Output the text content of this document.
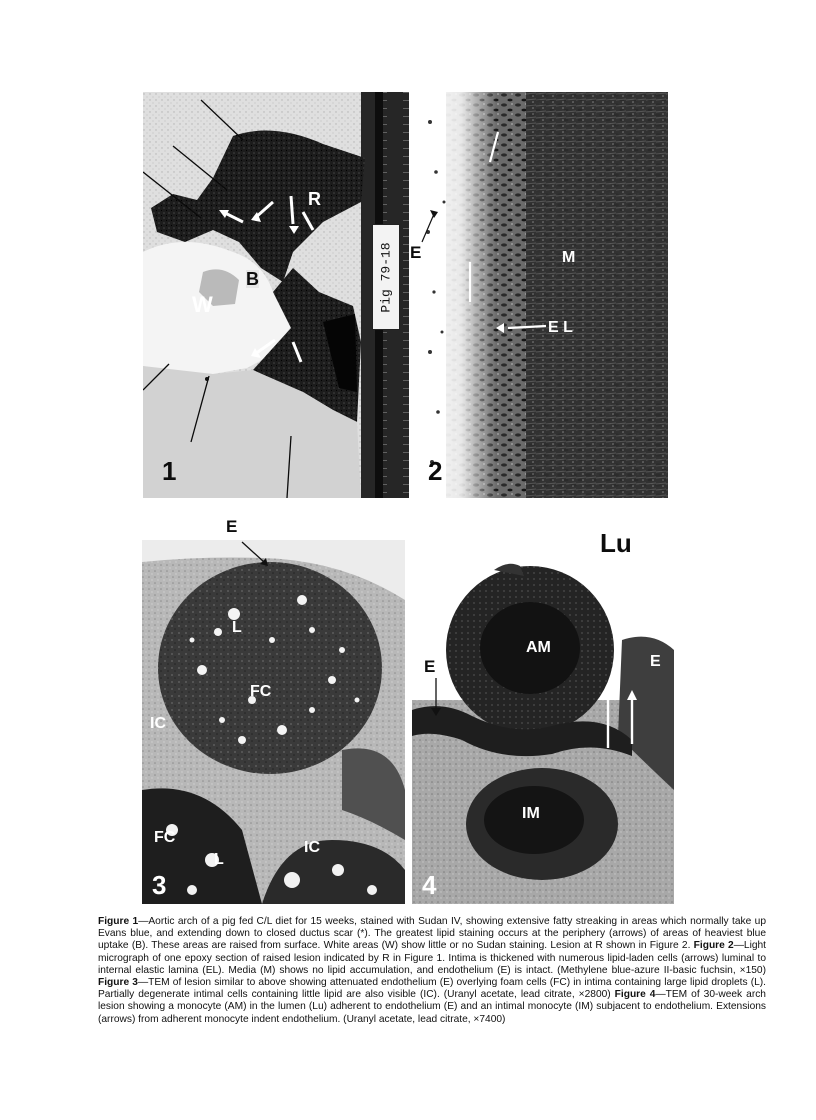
Pig 79-18
1
W
B
R
2
E	M
E L
E
L
FC
IC
IC
FC
L
3
Lu
AM
E	E
IM
4

Figure 1—Aortic arch of a pig fed C/L diet for 15 weeks, stained with Sudan IV, showing extensive fatty streaking in areas which normally take up Evans blue, and extending down to closed ductus scar (*). The greatest lipid staining occurs at the periphery (arrows) of areas of heaviest blue uptake (B). These areas are raised from surface. White areas (W) show little or no Sudan staining. Lesion at R shown in Figure 2.

Figure 2—Light micrograph of one epoxy section of raised lesion indicated by R in Figure 1. Intima is thickened with numerous lipid-laden cells (arrows) luminal to internal elastic lamina (EL). Media (M) shows no lipid accumulation, and endothelium (E) is intact. (Methylene blue-azure II-basic fuchsin, ×150)

Figure 3—TEM of lesion similar to above showing attenuated endothelium (E) overlying foam cells (FC) in intima containing large lipid droplets (L). Partially degenerate intimal cells containing little lipid are also visible (IC). (Uranyl acetate, lead citrate, ×2800)

Figure 4—TEM of 30-week arch lesion showing a monocyte (AM) in the lumen (Lu) adherent to endothelium (E) and an intimal monocyte (IM) subjacent to endothelium. Extensions (arrows) from adherent monocyte indent endothelium. (Uranyl acetate, lead citrate, ×7400)
